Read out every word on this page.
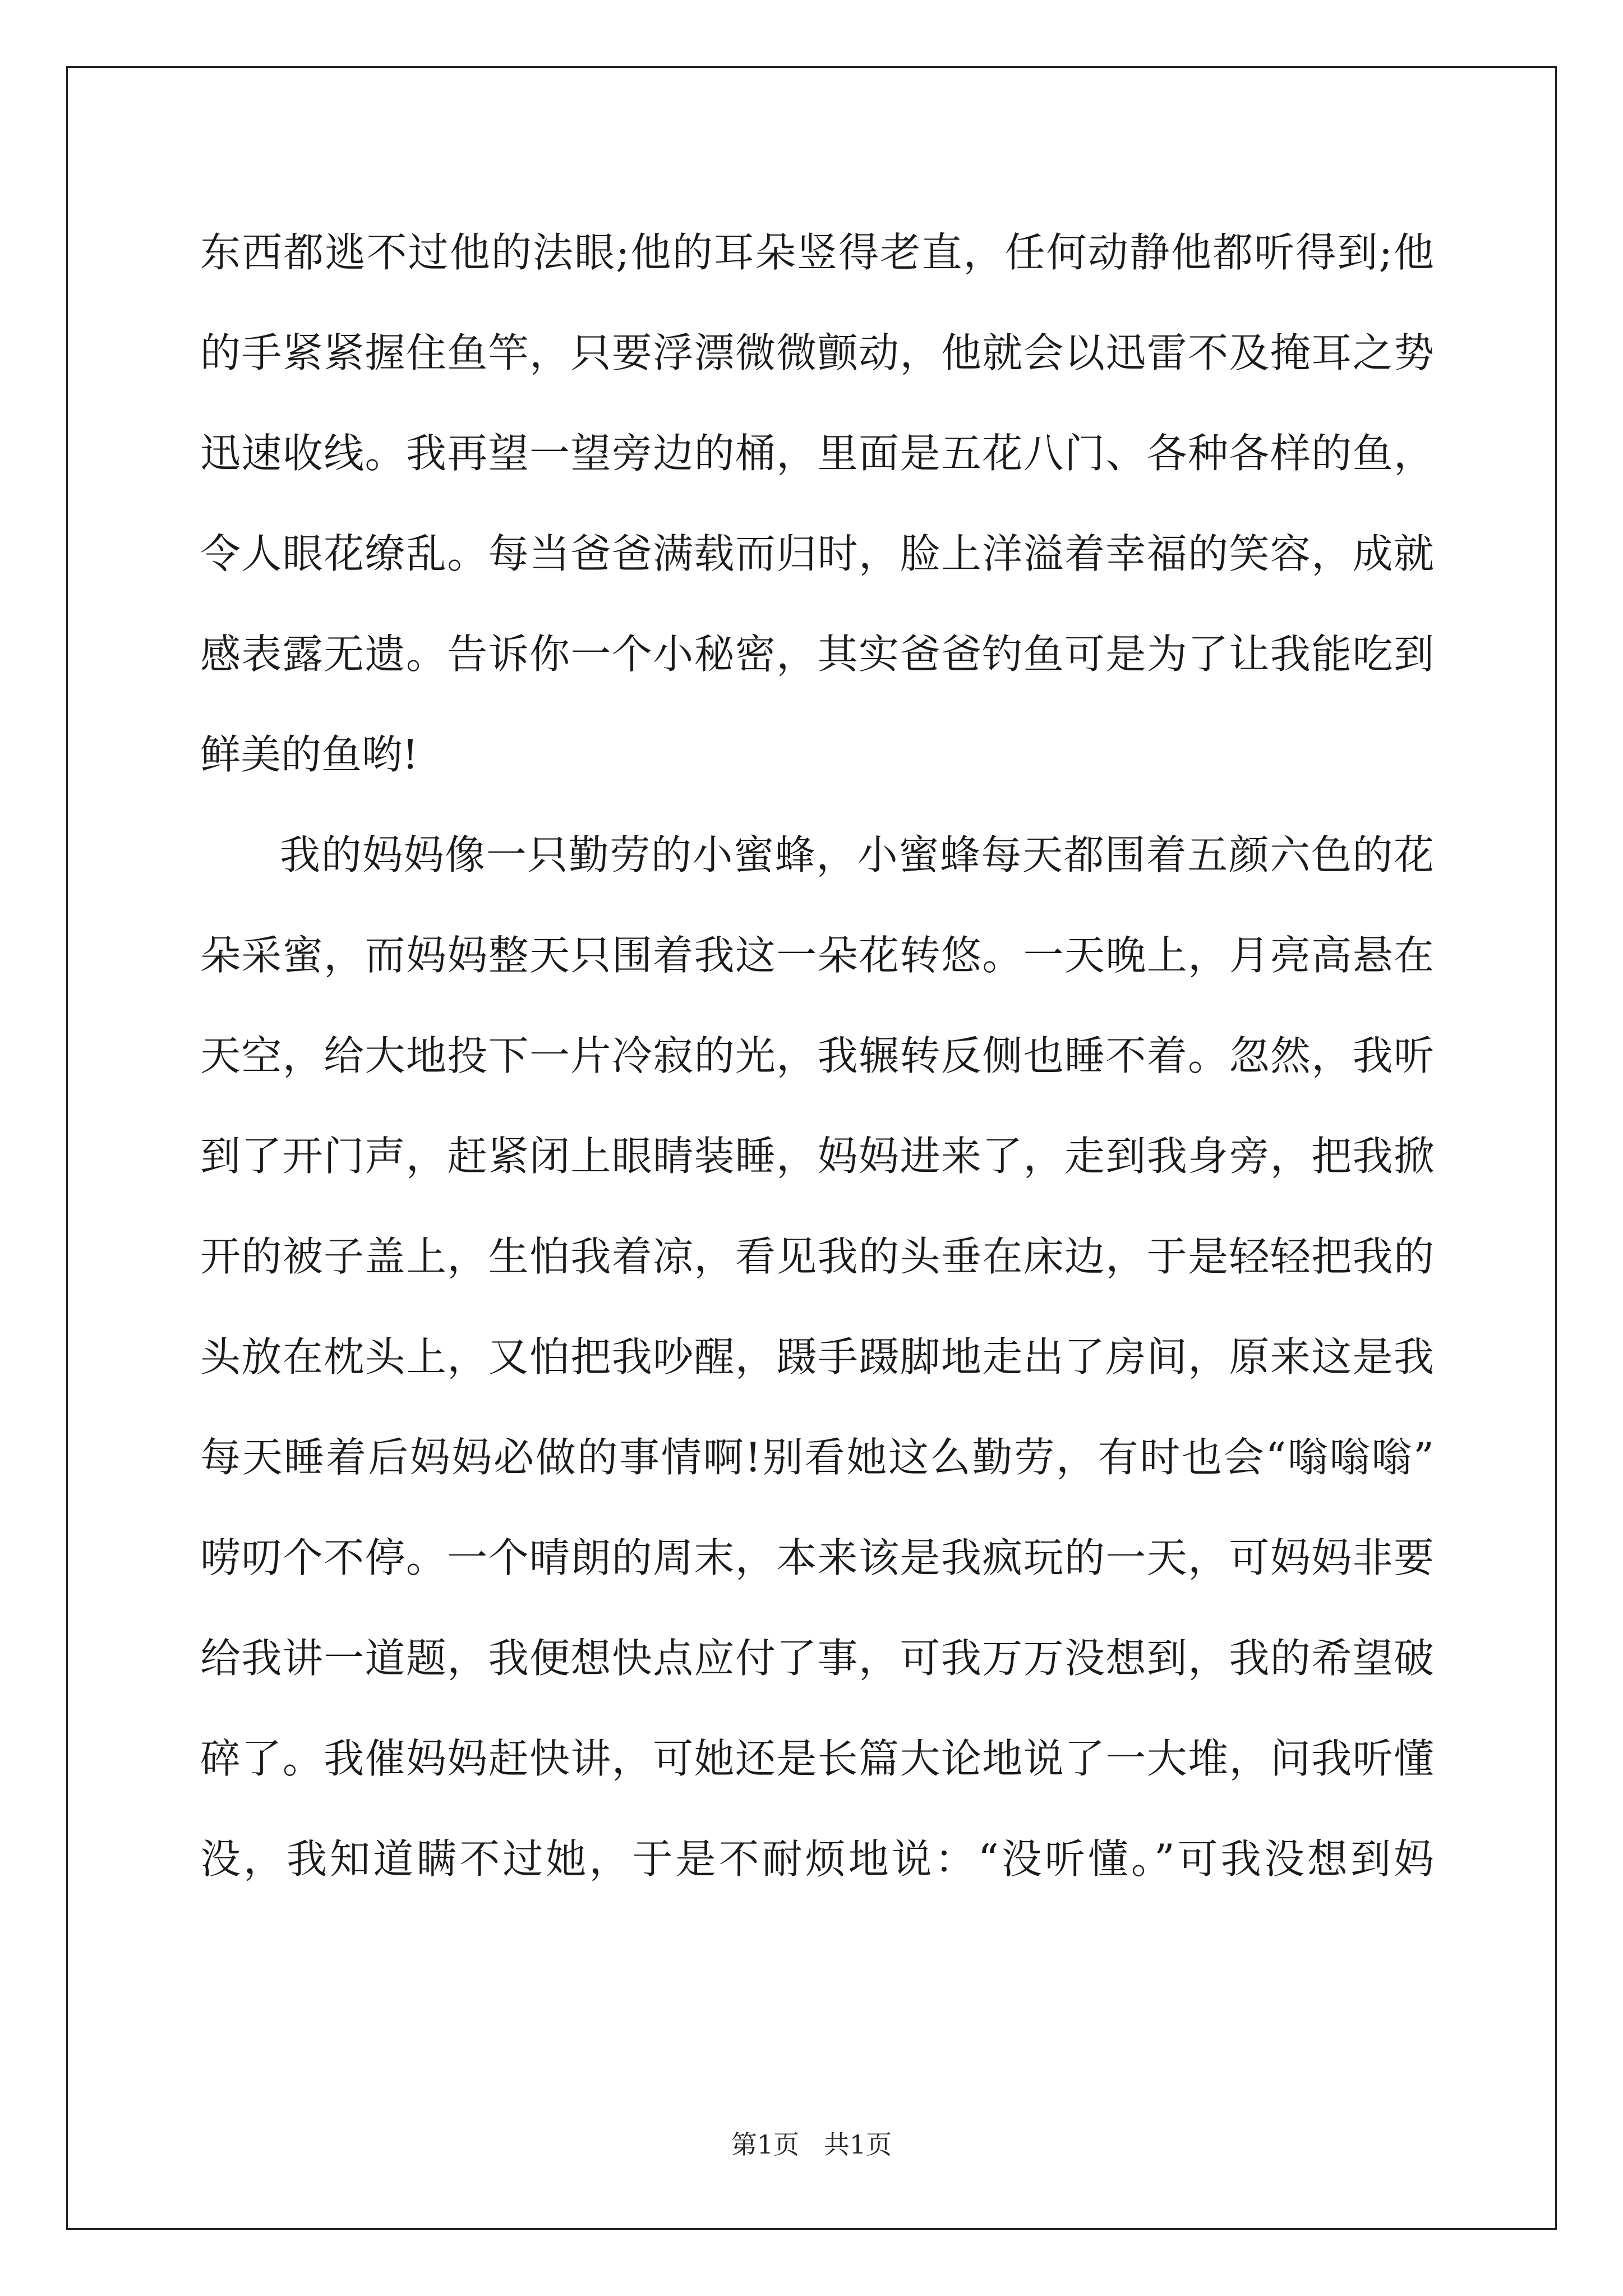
东西都逃不过他的法眼;他的耳朵竖得老直，任何动静他都听得到;他

的手紧紧握住鱼竿，只要浮漂微微颤动，他就会以迅雷不及掩耳之势

迅速收线。我再望一望旁边的桶，里面是五花八门、各种各样的鱼，

令人眼花缭乱。每当爸爸满载而归时，脸上洋溢着幸福的笑容，成就

感表露无遗。告诉你一个小秘密，其实爸爸钓鱼可是为了让我能吃到

鲜美的鱼哟!

我的妈妈像一只勤劳的小蜜蜂，小蜜蜂每天都围着五颜六色的花

朵采蜜，而妈妈整天只围着我这一朵花转悠。一天晚上，月亮高悬在

天空，给大地投下一片冷寂的光，我辗转反侧也睡不着。忽然，我听

到了开门声，赶紧闭上眼睛装睡，妈妈进来了，走到我身旁，把我掀

开的被子盖上，生怕我着凉，看见我的头垂在床边，于是轻轻把我的

头放在枕头上，又怕把我吵醒，蹑手蹑脚地走出了房间，原来这是我

每天睡着后妈妈必做的事情啊!别看她这么勤劳，有时也会“嗡嗡嗡”

唠叨个不停。一个晴朗的周末，本来该是我疯玩的一天，可妈妈非要

给我讲一道题，我便想快点应付了事，可我万万没想到，我的希望破

碎了。我催妈妈赶快讲，可她还是长篇大论地说了一大堆，问我听懂

没，我知道瞒不过她，于是不耐烦地说：“没听懂。”可我没想到妈

第1页   共1页
